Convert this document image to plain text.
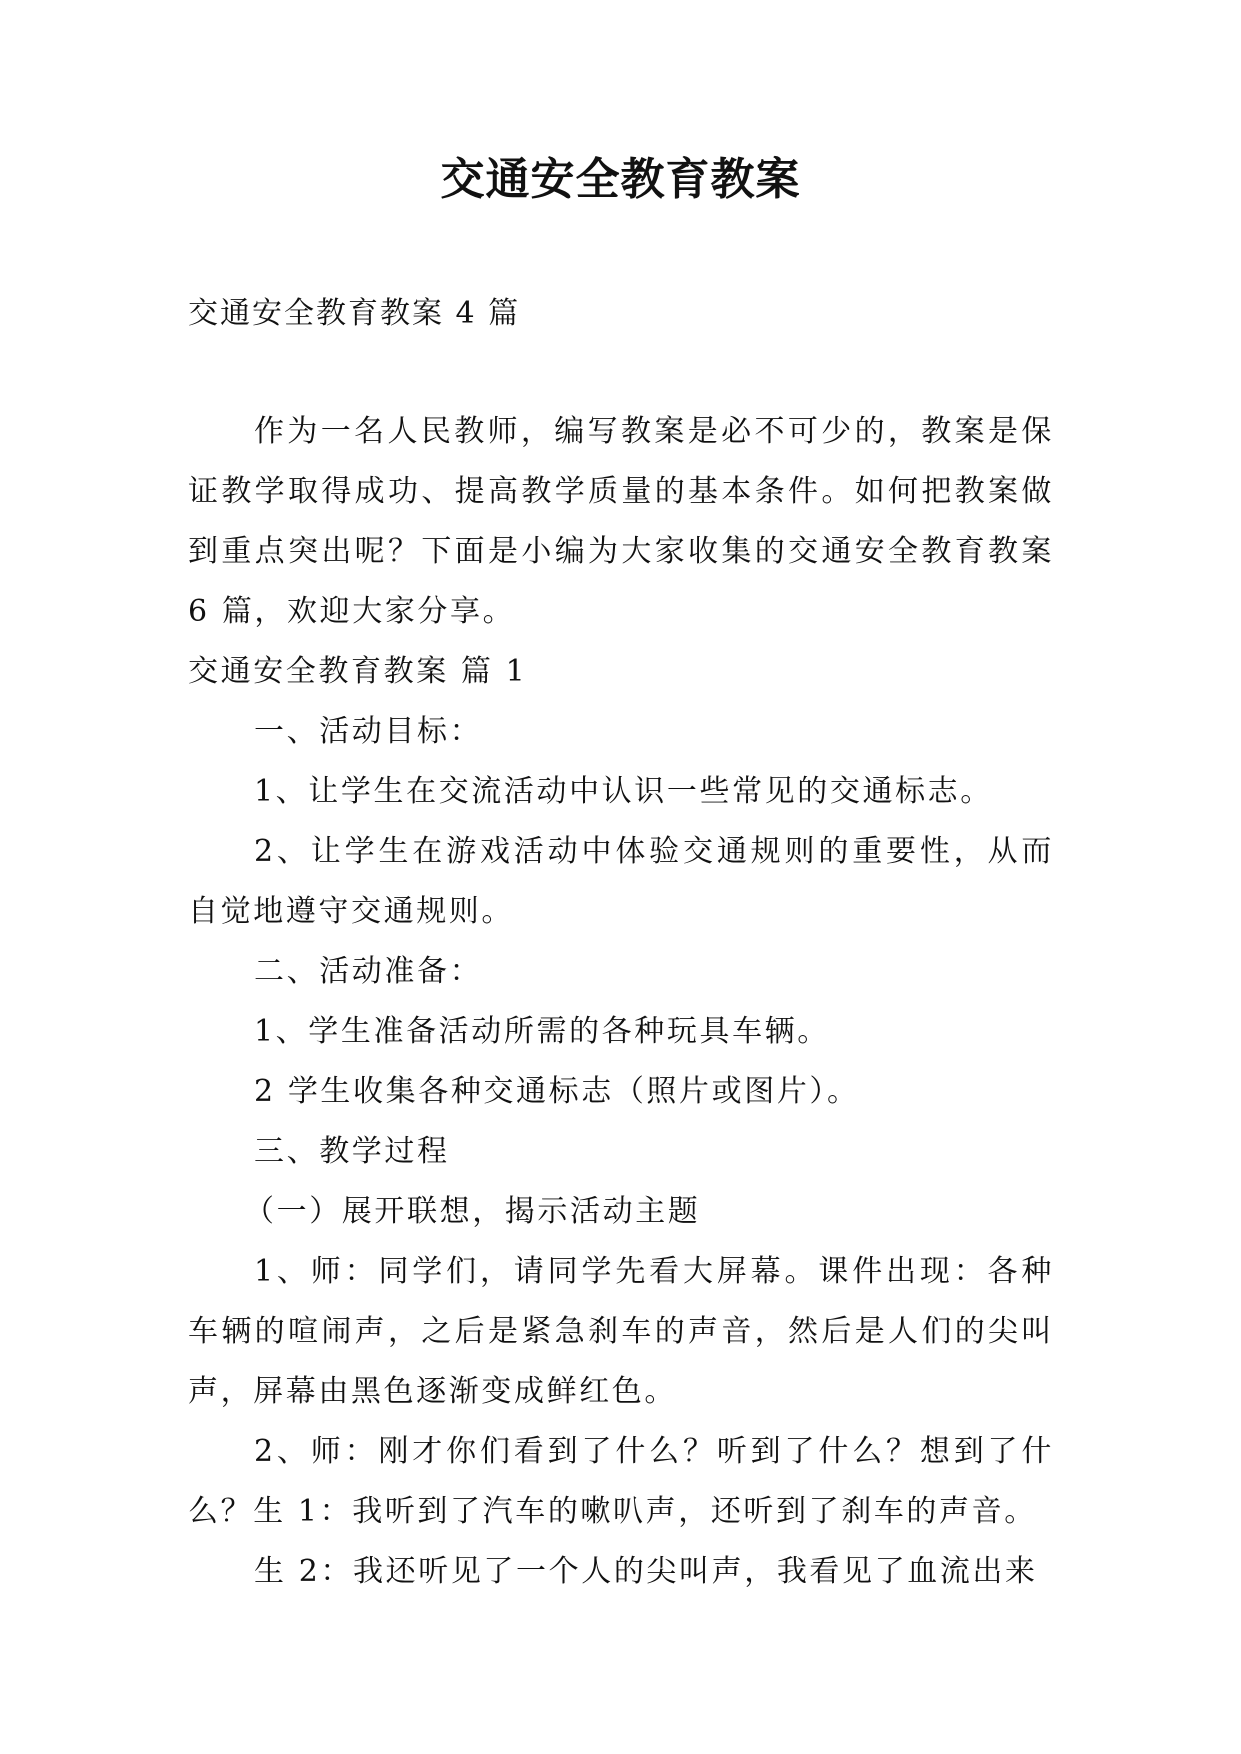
交通安全教育教案
交通安全教育教案 4 篇

作为一名人民教师，编写教案是必不可少的，教案是保证教学取得成功、提高教学质量的基本条件。如何把教案做到重点突出呢？下面是小编为大家收集的交通安全教育教案 6 篇，欢迎大家分享。

交通安全教育教案 篇 1

一、活动目标：

1、让学生在交流活动中认识一些常见的交通标志。

2、让学生在游戏活动中体验交通规则的重要性，从而自觉地遵守交通规则。

二、活动准备：

1、学生准备活动所需的各种玩具车辆。

2 学生收集各种交通标志（照片或图片）。

三、教学过程

（一）展开联想，揭示活动主题

1、师：同学们，请同学先看大屏幕。课件出现：各种车辆的喧闹声，之后是紧急刹车的声音，然后是人们的尖叫声，屏幕由黑色逐渐变成鲜红色。

2、师：刚才你们看到了什么？听到了什么？想到了什么？生 1：我听到了汽车的嗽叭声，还听到了刹车的声音。

生 2：我还听见了一个人的尖叫声，我看见了血流出来
